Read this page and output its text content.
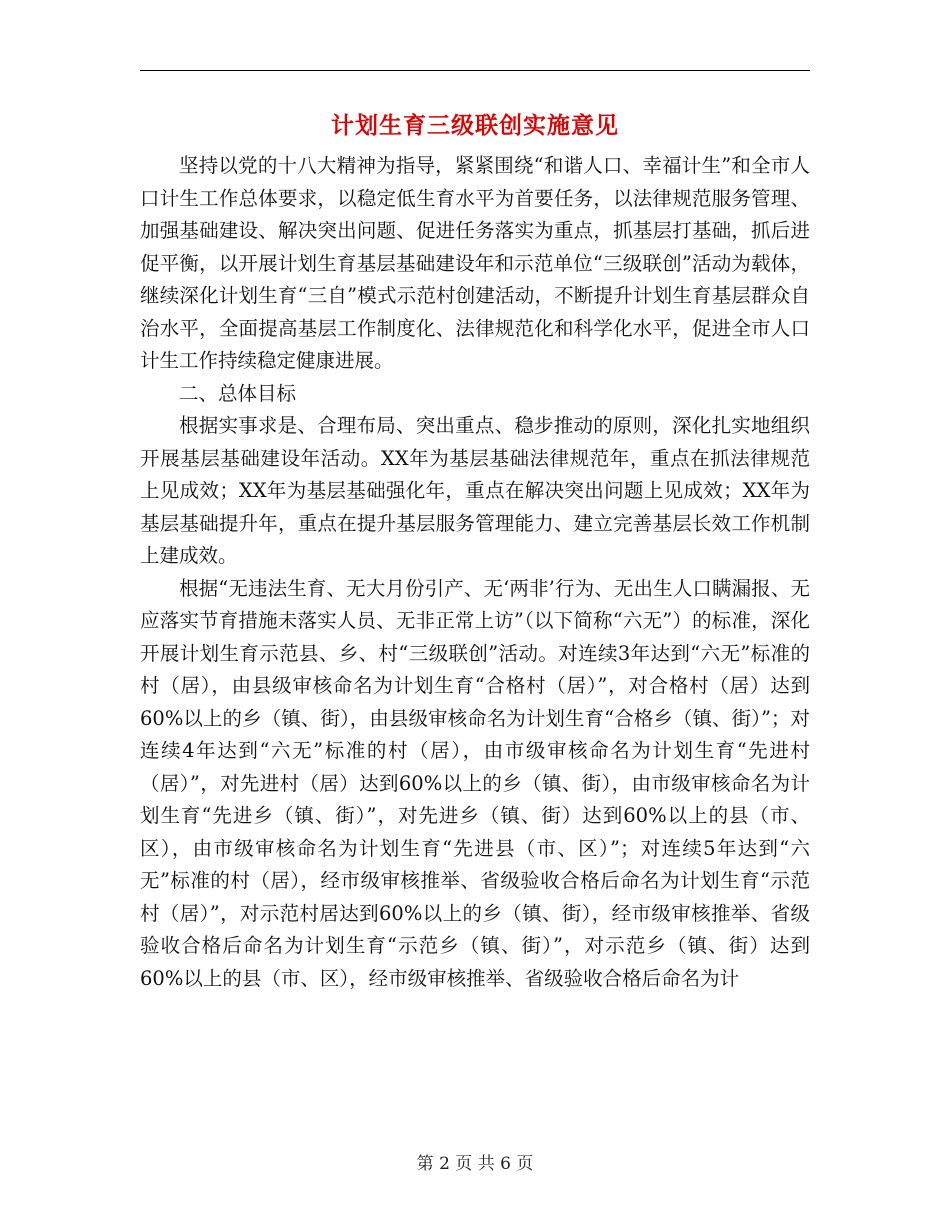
计划生育三级联创实施意见

坚持以党的十八大精神为指导，紧紧围绕“和谐人口、幸福计生”和全市人口计生工作总体要求，以稳定低生育水平为首要任务，以法律规范服务管理、加强基础建设、解决突出问题、促进任务落实为重点，抓基层打基础，抓后进促平衡，以开展计划生育基层基础建设年和示范单位“三级联创”活动为载体，继续深化计划生育“三自”模式示范村创建活动，不断提升计划生育基层群众自治水平，全面提高基层工作制度化、法律规范化和科学化水平，促进全市人口计生工作持续稳定健康进展。

二、总体目标

根据实事求是、合理布局、突出重点、稳步推动的原则，深化扎实地组织开展基层基础建设年活动。XX年为基层基础法律规范年，重点在抓法律规范上见成效；XX年为基层基础强化年，重点在解决突出问题上见成效；XX年为基层基础提升年，重点在提升基层服务管理能力、建立完善基层长效工作机制上建成效。

根据“无违法生育、无大月份引产、无‘两非’行为、无出生人口瞒漏报、无应落实节育措施未落实人员、无非正常上访”（以下简称“六无”）的标准，深化开展计划生育示范县、乡、村“三级联创”活动。对连续3年达到“六无”标准的村（居），由县级审核命名为计划生育“合格村（居）”，对合格村（居）达到60%以上的乡（镇、街），由县级审核命名为计划生育“合格乡（镇、街）”；对连续4年达到“六无”标准的村（居），由市级审核命名为计划生育“先进村（居）”，对先进村（居）达到60%以上的乡（镇、街），由市级审核命名为计划生育“先进乡（镇、街）”，对先进乡（镇、街）达到60%以上的县（市、区），由市级审核命名为计划生育“先进县（市、区）”；对连续5年达到“六无”标准的村（居），经市级审核推举、省级验收合格后命名为计划生育“示范村（居）”，对示范村居达到60%以上的乡（镇、街），经市级审核推举、省级验收合格后命名为计划生育“示范乡（镇、街）”，对示范乡（镇、街）达到60%以上的县（市、区），经市级审核推举、省级验收合格后命名为计

第 2 页 共 6 页
